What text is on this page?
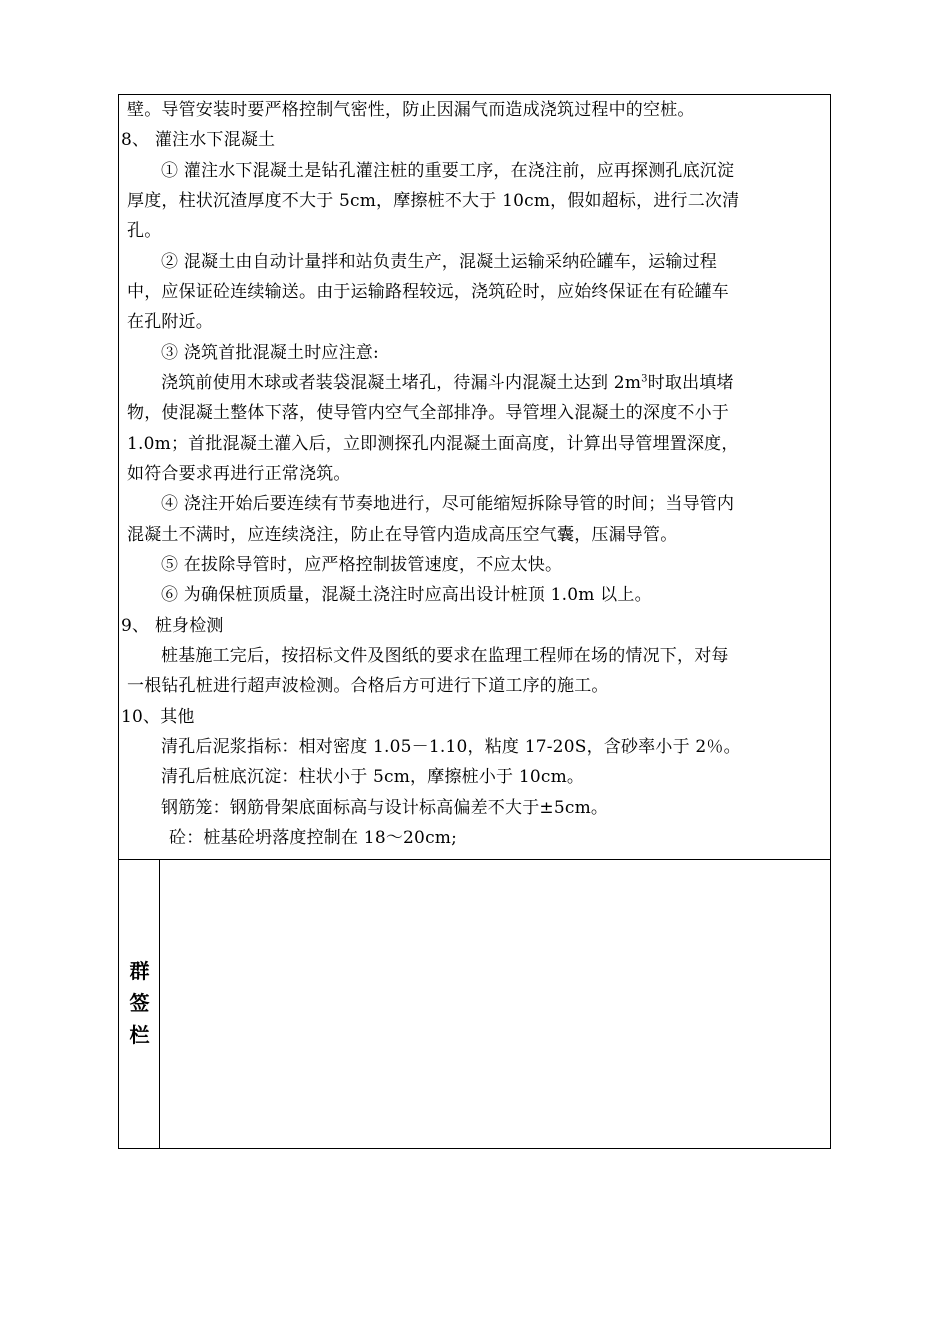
壁。导管安装时要严格控制气密性，防止因漏气而造成浇筑过程中的空桩。
8、 灌注水下混凝土
① 灌注水下混凝土是钻孔灌注桩的重要工序，在浇注前，应再探测孔底沉淀
厚度，柱状沉渣厚度不大于 5cm，摩擦桩不大于 10cm，假如超标，进行二次清
孔。
② 混凝土由自动计量拌和站负责生产，混凝土运输采纳砼罐车，运输过程
中，应保证砼连续输送。由于运输路程较远，浇筑砼时，应始终保证在有砼罐车
在孔附近。
③ 浇筑首批混凝土时应注意:
浇筑前使用木球或者装袋混凝土堵孔，待漏斗内混凝土达到 $2m^3$时取出填堵
物，使混凝土整体下落，使导管内空气全部排净。导管埋入混凝土的深度不小于
1.0m；首批混凝土灌入后，立即测探孔内混凝土面高度，计算出导管埋置深度，
如符合要求再进行正常浇筑。
④ 浇注开始后要连续有节奏地进行，尽可能缩短拆除导管的时间；当导管内
混凝土不满时，应连续浇注，防止在导管内造成高压空气囊，压漏导管。
⑤ 在拔除导管时，应严格控制拔管速度，不应太快。
⑥ 为确保桩顶质量，混凝土浇注时应高出设计桩顶 1.0m 以上。
9、 桩身检测
桩基施工完后，按招标文件及图纸的要求在监理工程师在场的情况下，对每
一根钻孔桩进行超声波检测。合格后方可进行下道工序的施工。
10、其他
清孔后泥浆指标：相对密度 1.05－1.10，粘度 17-20S，含砂率小于 2％。
清孔后桩底沉淀：柱状小于 5cm，摩擦桩小于 10cm。
钢筋笼：钢筋骨架底面标高与设计标高偏差不大于±5cm。
砼：桩基砼坍落度控制在 18～20cm;
群
签
栏
